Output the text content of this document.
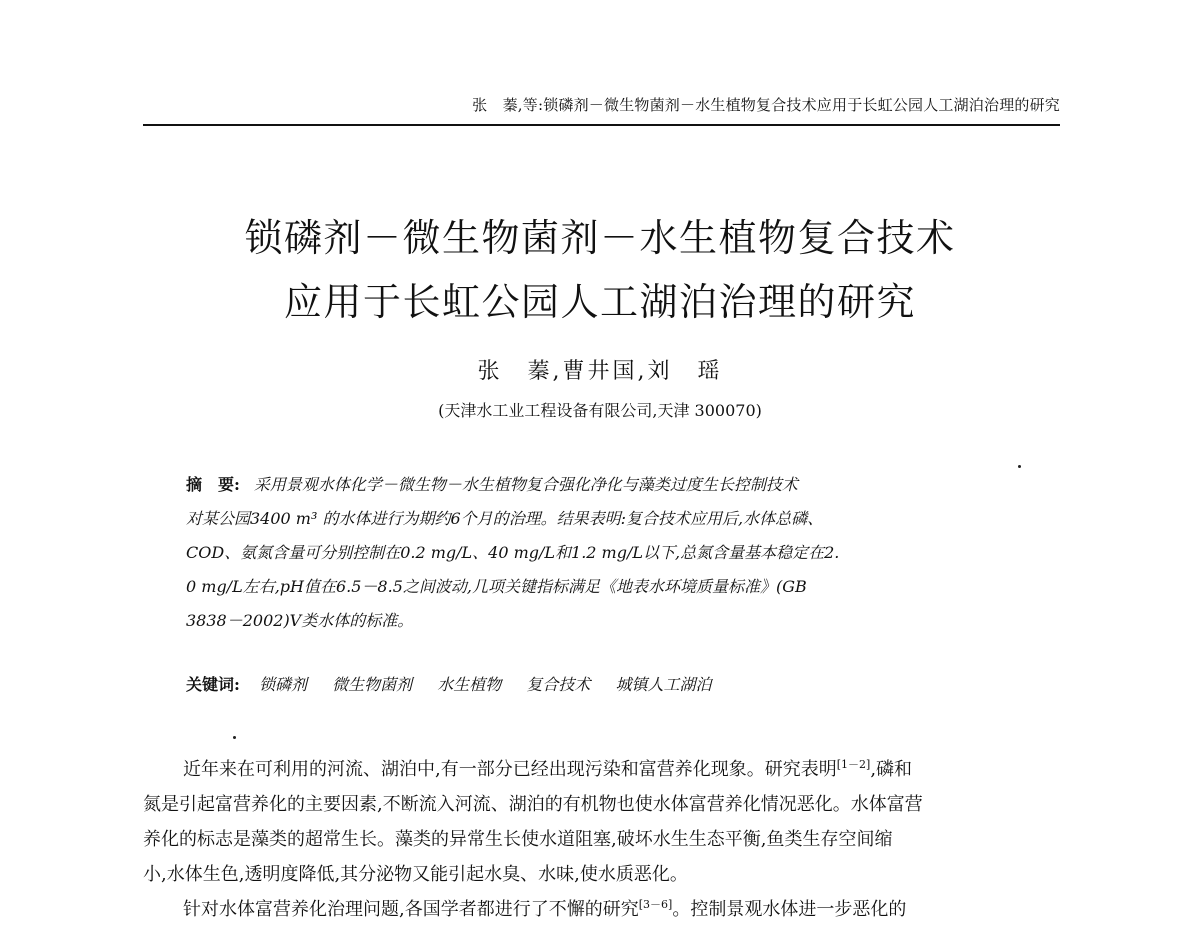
张　蓁,等:锁磷剂－微生物菌剂－水生植物复合技术应用于长虹公园人工湖泊治理的研究
锁磷剂－微生物菌剂－水生植物复合技术
应用于长虹公园人工湖泊治理的研究
张　蓁,曹井国,刘　瑶
(天津水工业工程设备有限公司,天津 300070)
摘　要: 采用景观水体化学－微生物－水生植物复合强化净化与藻类过度生长控制技术
对某公园3400 m³ 的水体进行为期约6个月的治理。结果表明:复合技术应用后,水体总磷、
COD、氨氮含量可分别控制在0.2 mg/L、40 mg/L和1.2 mg/L以下,总氮含量基本稳定在2.
0 mg/L左右,pH值在6.5－8.5之间波动,几项关键指标满足《地表水环境质量标准》(GB
3838－2002)V类水体的标准。
关键词: 锁磷剂 微生物菌剂 水生植物 复合技术 城镇人工湖泊
近年来在可利用的河流、湖泊中,有一部分已经出现污染和富营养化现象。研究表明[1－2],磷和
氮是引起富营养化的主要因素,不断流入河流、湖泊的有机物也使水体富营养化情况恶化。水体富营
养化的标志是藻类的超常生长。藻类的异常生长使水道阻塞,破坏水生生态平衡,鱼类生存空间缩
小,水体生色,透明度降低,其分泌物又能引起水臭、水味,使水质恶化。
针对水体富营养化治理问题,各国学者都进行了不懈的研究[3－6]。控制景观水体进一步恶化的
